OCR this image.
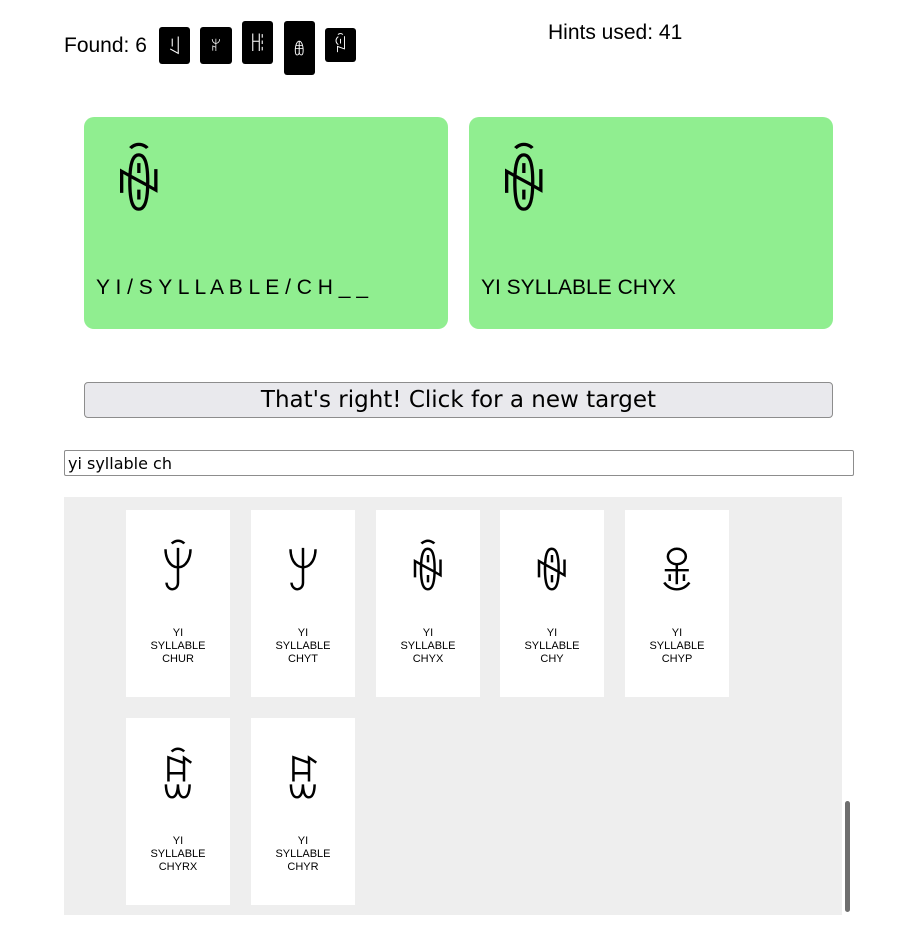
Found: 6 ꆹ	ꆳ	ꆿ	ꇊ	ꇋ
Hints used: 41
ꐶ
Y I / S Y L L A B L E / C H _ _
ꐶ
YI SYLLABLE CHYX
That's right! Click for a new target
yi syllable ch
ꐲ
YI SYLLABLE CHUR
ꐳ
YI SYLLABLE CHYT
ꐶ
YI SYLLABLE CHYX
ꐷ
YI SYLLABLE CHY
ꐸ
YI SYLLABLE CHYP
ꐹ
YI SYLLABLE CHYRX
ꐺ
YI SYLLABLE CHYR
